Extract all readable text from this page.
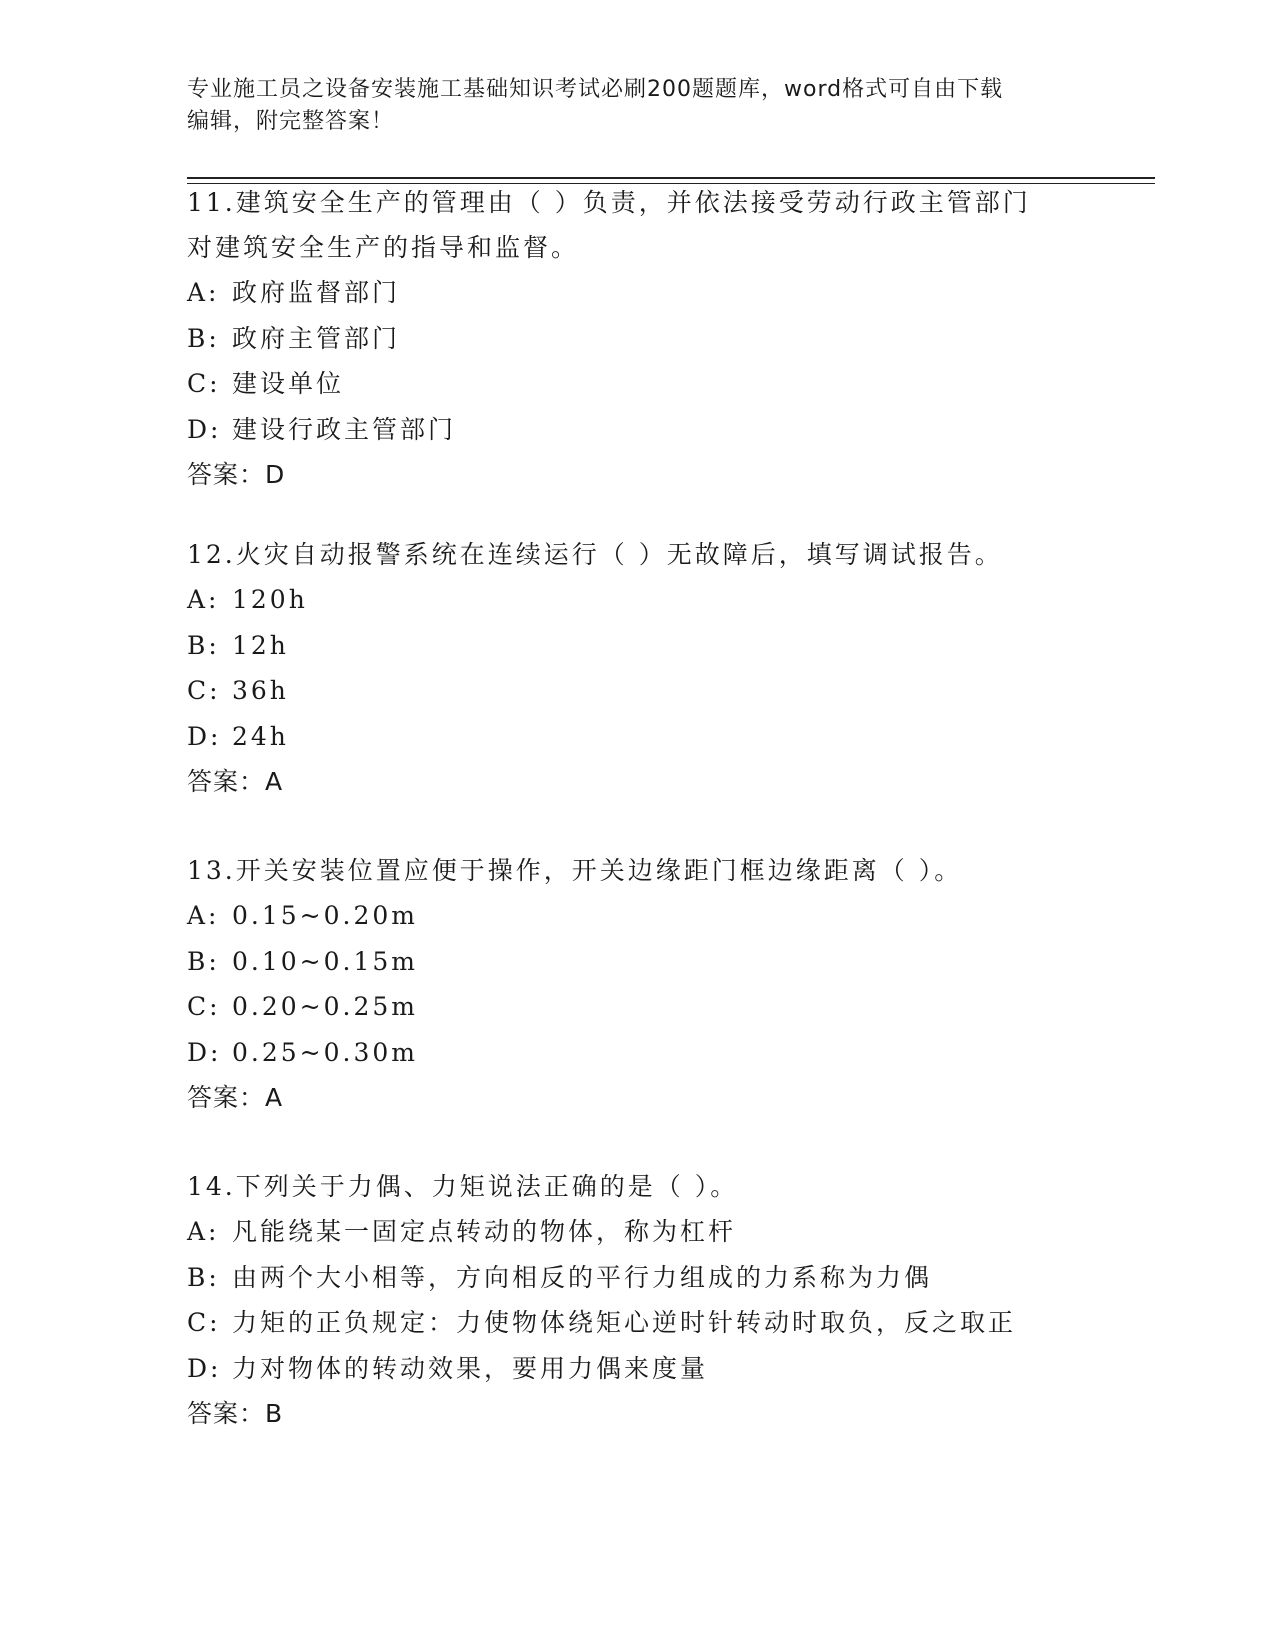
专业施工员之设备安装施工基础知识考试必刷200题题库，word格式可自由下载
编辑，附完整答案！

11.建筑安全生产的管理由（ ）负责，并依法接受劳动行政主管部门

对建筑安全生产的指导和监督。

A: 政府监督部门

B: 政府主管部门

C: 建设单位

D: 建设行政主管部门

答案：D

12.火灾自动报警系统在连续运行（ ）无故障后，填写调试报告。

A: 120h

B: 12h

C: 36h

D: 24h

答案：A

13.开关安装位置应便于操作，开关边缘距门框边缘距离（ ）。

A: 0.15~0.20m

B: 0.10~0.15m

C: 0.20~0.25m

D: 0.25~0.30m

答案：A

14.下列关于力偶、力矩说法正确的是（ ）。

A: 凡能绕某一固定点转动的物体，称为杠杆

B: 由两个大小相等，方向相反的平行力组成的力系称为力偶

C: 力矩的正负规定：力使物体绕矩心逆时针转动时取负，反之取正

D: 力对物体的转动效果，要用力偶来度量

答案：B
